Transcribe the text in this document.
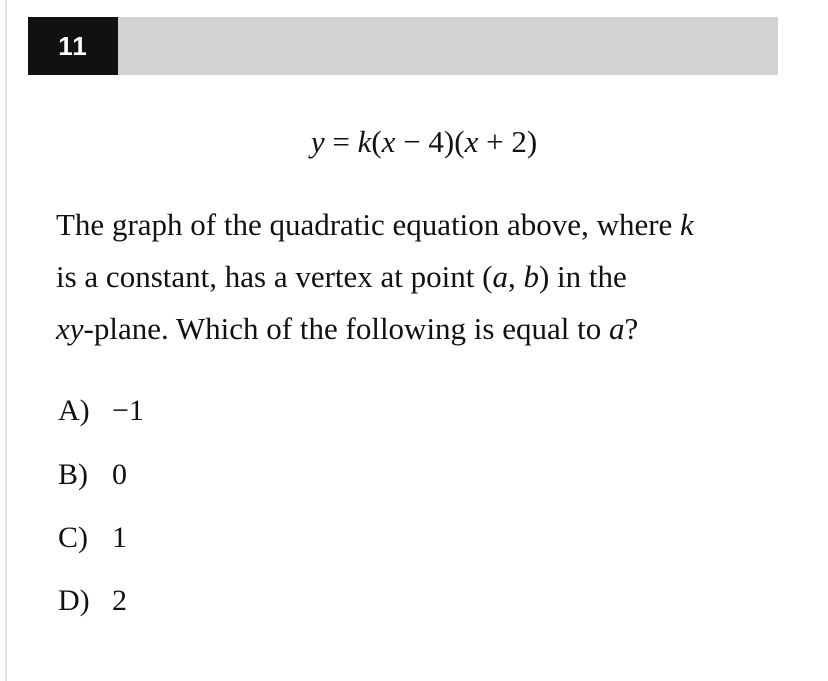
11
y = k(x − 4)(x + 2)
The graph of the quadratic equation above, where k
is a constant, has a vertex at point (a, b) in the
xy-plane. Which of the following is equal to a?
A) −1
B) 0
C) 1
D) 2
